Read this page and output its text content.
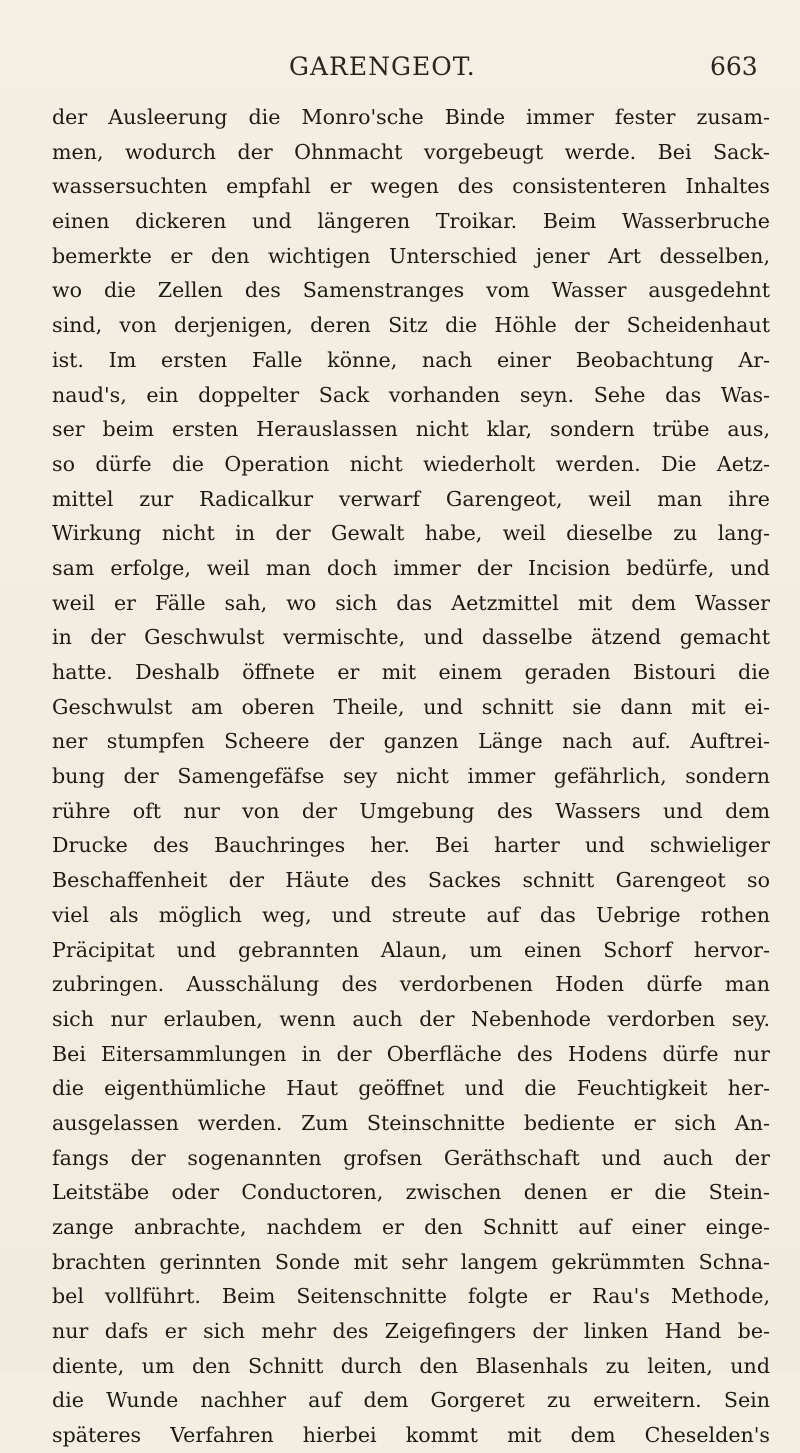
GARENGEOT.	663
der Ausleerung die Monro'sche Binde immer fester zusam-
men, wodurch der Ohnmacht vorgebeugt werde. Bei Sack-
wassersuchten empfahl er wegen des consistenteren Inhaltes
einen dickeren und längeren Troikar. Beim Wasserbruche
bemerkte er den wichtigen Unterschied jener Art desselben,
wo die Zellen des Samenstranges vom Wasser ausgedehnt
sind, von derjenigen, deren Sitz die Höhle der Scheidenhaut
ist. Im ersten Falle könne, nach einer Beobachtung Ar-
naud's, ein doppelter Sack vorhanden seyn. Sehe das Was-
ser beim ersten Herauslassen nicht klar, sondern trübe aus,
so dürfe die Operation nicht wiederholt werden. Die Aetz-
mittel zur Radicalkur verwarf Garengeot, weil man ihre
Wirkung nicht in der Gewalt habe, weil dieselbe zu lang-
sam erfolge, weil man doch immer der Incision bedürfe, und
weil er Fälle sah, wo sich das Aetzmittel mit dem Wasser
in der Geschwulst vermischte, und dasselbe ätzend gemacht
hatte. Deshalb öffnete er mit einem geraden Bistouri die
Geschwulst am oberen Theile, und schnitt sie dann mit ei-
ner stumpfen Scheere der ganzen Länge nach auf. Auftrei-
bung der Samengefäfse sey nicht immer gefährlich, sondern
rühre oft nur von der Umgebung des Wassers und dem
Drucke des Bauchringes her. Bei harter und schwieliger
Beschaffenheit der Häute des Sackes schnitt Garengeot so
viel als möglich weg, und streute auf das Uebrige rothen
Präcipitat und gebrannten Alaun, um einen Schorf hervor-
zubringen. Ausschälung des verdorbenen Hoden dürfe man
sich nur erlauben, wenn auch der Nebenhode verdorben sey.
Bei Eitersammlungen in der Oberfläche des Hodens dürfe nur
die eigenthümliche Haut geöffnet und die Feuchtigkeit her-
ausgelassen werden. Zum Steinschnitte bediente er sich An-
fangs der sogenannten grofsen Geräthschaft und auch der
Leitstäbe oder Conductoren, zwischen denen er die Stein-
zange anbrachte, nachdem er den Schnitt auf einer einge-
brachten gerinnten Sonde mit sehr langem gekrümmten Schna-
bel vollführt. Beim Seitenschnitte folgte er Rau's Methode,
nur dafs er sich mehr des Zeigefingers der linken Hand be-
diente, um den Schnitt durch den Blasenhals zu leiten, und
die Wunde nachher auf dem Gorgeret zu erweitern. Sein
späteres Verfahren hierbei kommt mit dem Cheselden's
